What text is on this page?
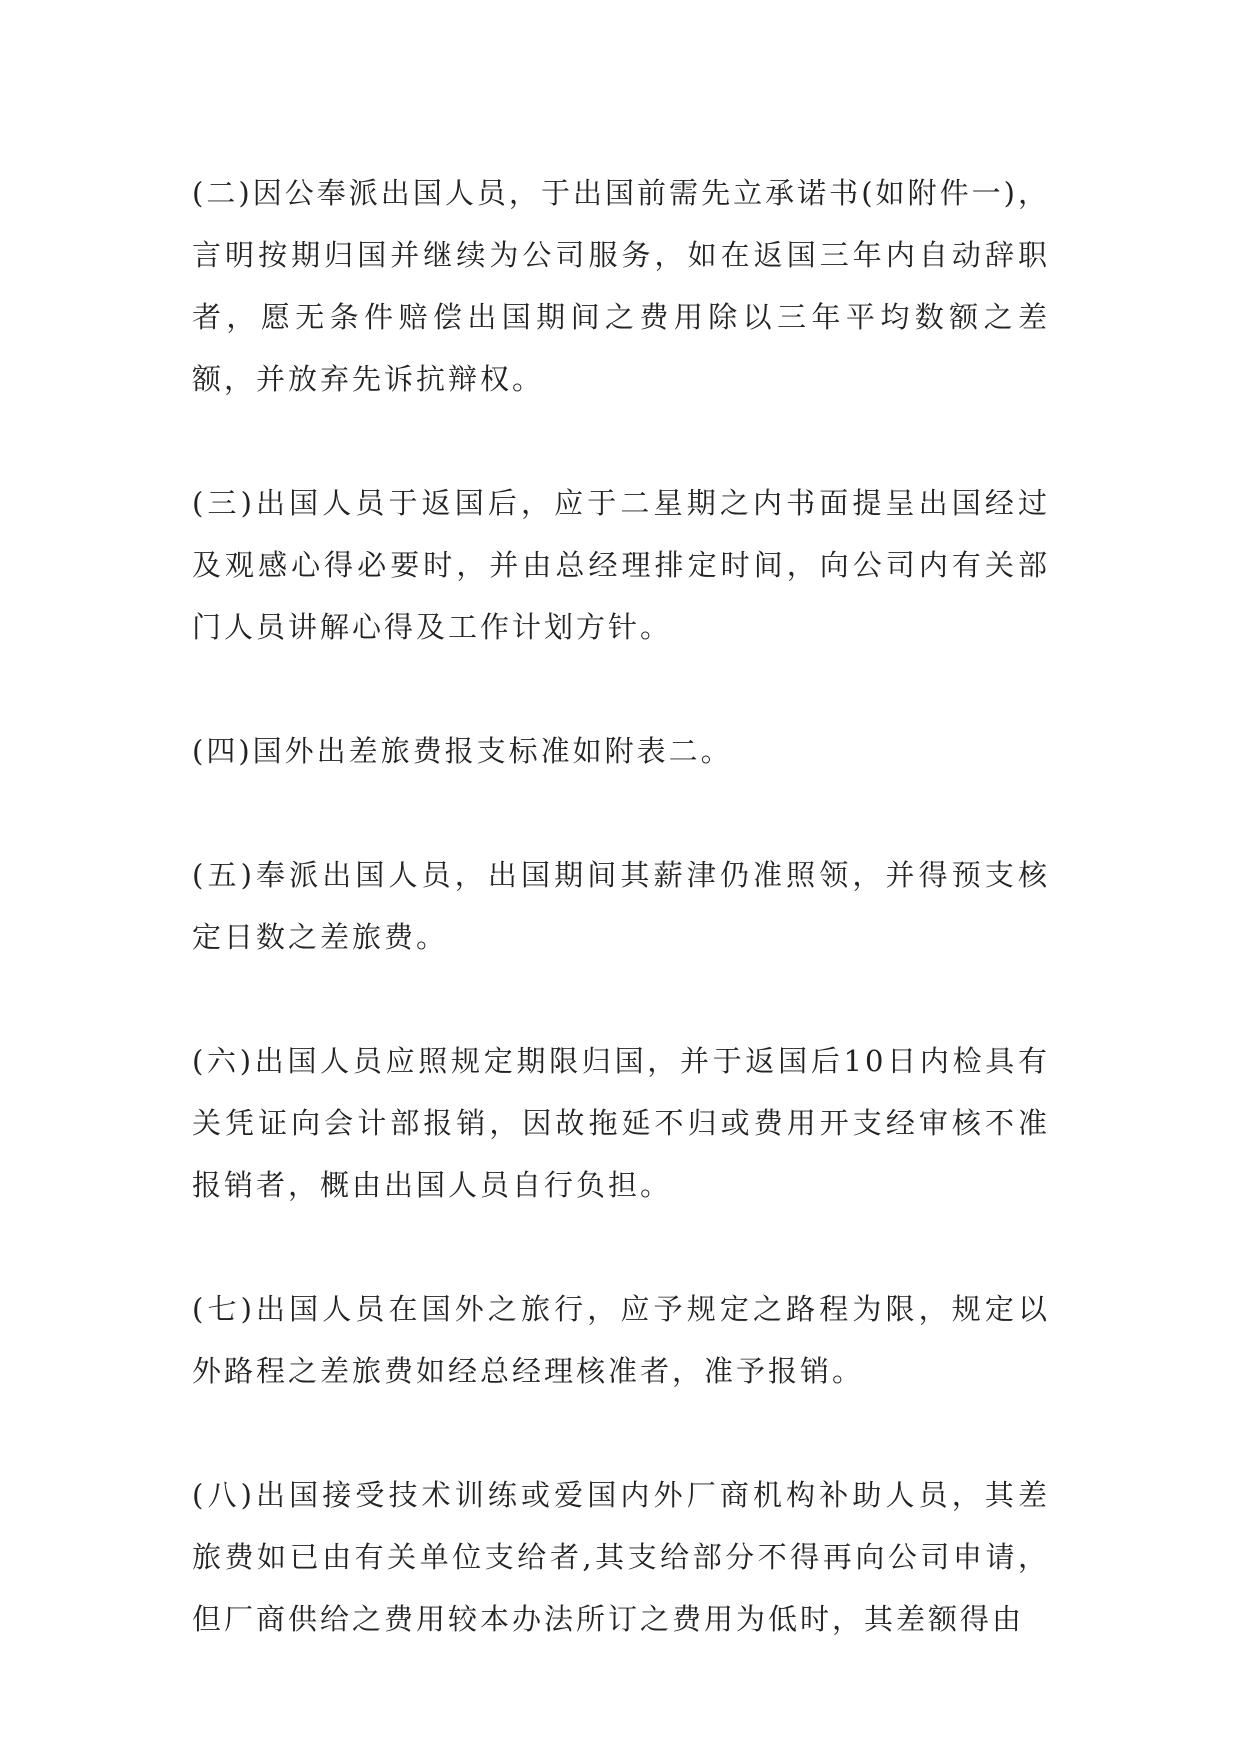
(二)因公奉派出国人员，于出国前需先立承诺书(如附件一)，言明按期归国并继续为公司服务，如在返国三年内自动辞职者，愿无条件赔偿出国期间之费用除以三年平均数额之差额，并放弃先诉抗辩权。

(三)出国人员于返国后，应于二星期之内书面提呈出国经过及观感心得必要时，并由总经理排定时间，向公司内有关部门人员讲解心得及工作计划方针。

(四)国外出差旅费报支标准如附表二。

(五)奉派出国人员，出国期间其薪津仍准照领，并得预支核定日数之差旅费。

(六)出国人员应照规定期限归国，并于返国后10日内检具有关凭证向会计部报销，因故拖延不归或费用开支经审核不准报销者，概由出国人员自行负担。

(七)出国人员在国外之旅行，应予规定之路程为限，规定以外路程之差旅费如经总经理核准者，准予报销。

(八)出国接受技术训练或爱国内外厂商机构补助人员，其差旅费如已由有关单位支给者,其支给部分不得再向公司申请，但厂商供给之费用较本办法所订之费用为低时，其差额得由
